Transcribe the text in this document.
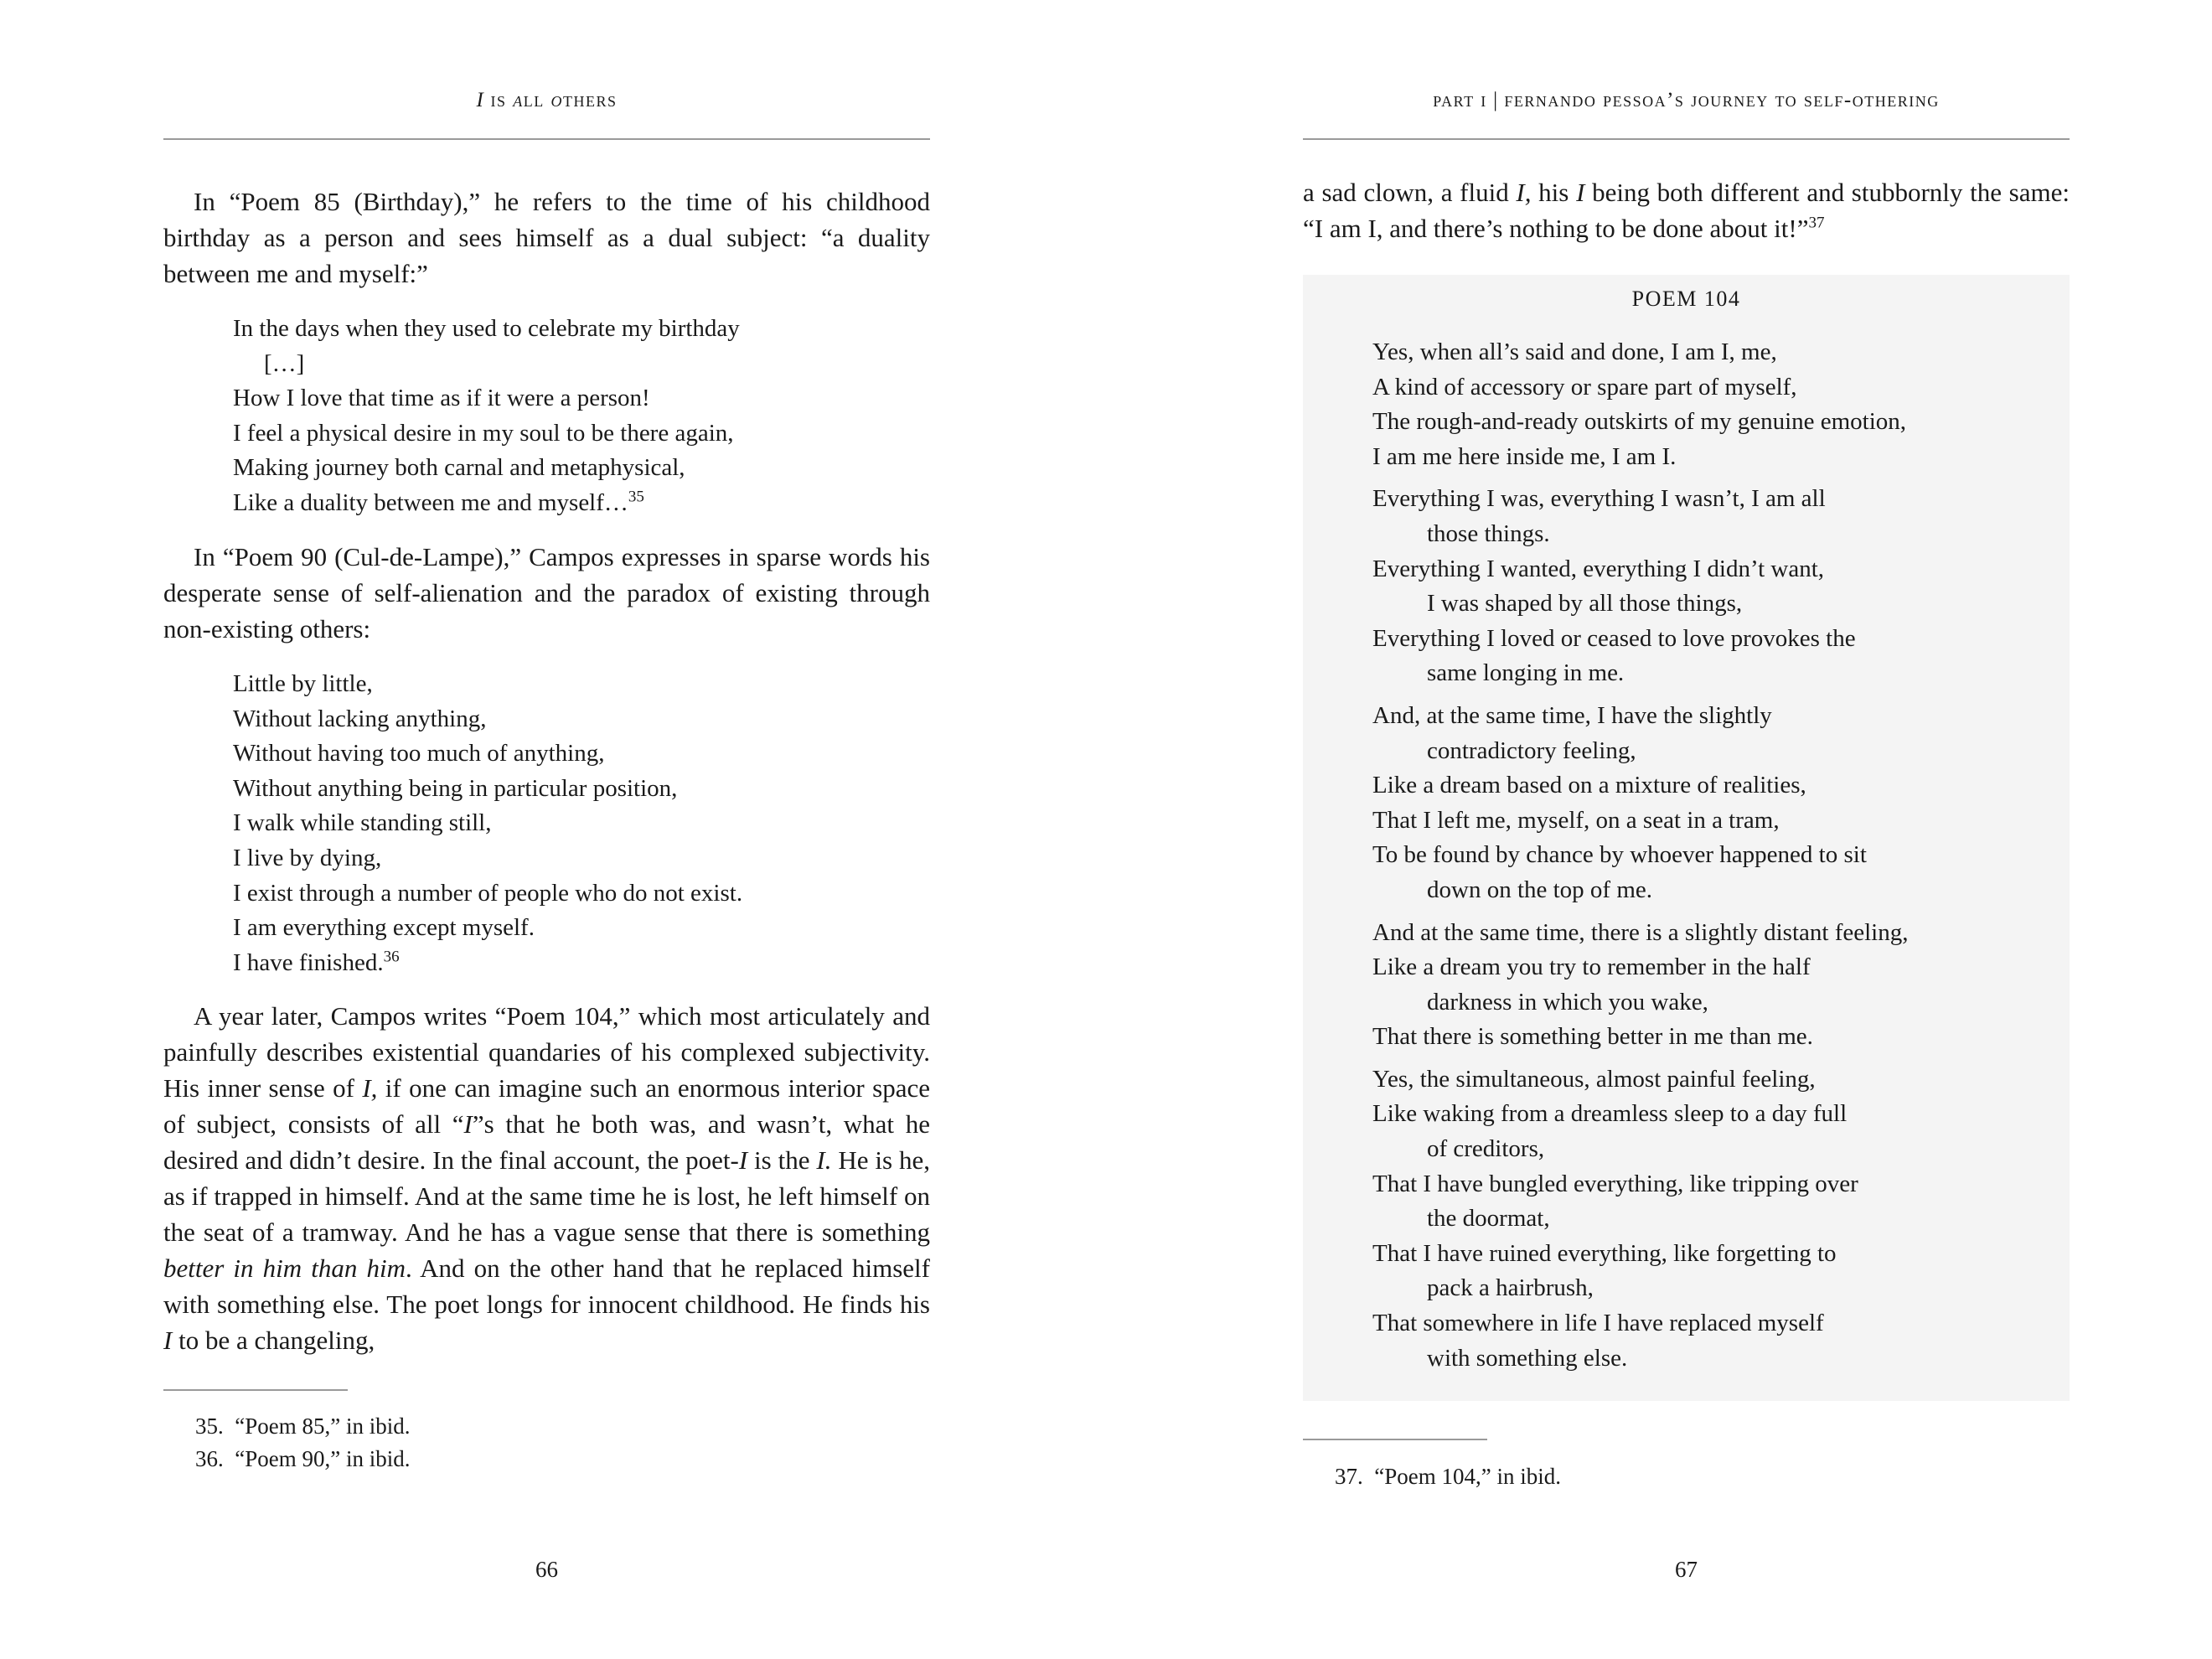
I is all others

In “Poem 85 (Birthday),” he refers to the time of his childhood birthday as a person and sees himself as a dual subject: “a duality between me and myself:”

In the days when they used to celebrate my birthday
[…]
How I love that time as if it were a person!
I feel a physical desire in my soul to be there again,
Making journey both carnal and metaphysical,
Like a duality between me and myself…$^{35}$

In “Poem 90 (Cul-de-Lampe),” Campos expresses in sparse words his desperate sense of self-alienation and the paradox of existing through non-existing others:

Little by little,
Without lacking anything,
Without having too much of anything,
Without anything being in particular position,
I walk while standing still,
I live by dying,
I exist through a number of people who do not exist.
I am everything except myself.
I have finished.$^{36}$

A year later, Campos writes “Poem 104,” which most articulately and painfully describes existential quandaries of his complexed subjectivity. His inner sense of I, if one can imagine such an enormous interior space of subject, consists of all “I”s that he both was, and wasn’t, what he desired and didn’t desire. In the final account, the poet-I is the I. He is he, as if trapped in himself. And at the same time he is lost, he left himself on the seat of a tramway. And he has a vague sense that there is something better in him than him. And on the other hand that he replaced himself with something else. The poet longs for innocent childhood. He finds his I to be a changeling,

35. “Poem 85,” in ibid.
36. “Poem 90,” in ibid.
66
part i | fernando pessoa’s journey to self-othering

a sad clown, a fluid I, his I being both different and stubbornly the same: “I am I, and there’s nothing to be done about it!”$^{37}$

POEM 104
Yes, when all’s said and done, I am I, me,
A kind of accessory or spare part of myself,
The rough-and-ready outskirts of my genuine emotion,
I am me here inside me, I am I.
Everything I was, everything I wasn’t, I am all
those things.
Everything I wanted, everything I didn’t want,
I was shaped by all those things,
Everything I loved or ceased to love provokes the
same longing in me.
And, at the same time, I have the slightly
contradictory feeling,
Like a dream based on a mixture of realities,
That I left me, myself, on a seat in a tram,
To be found by chance by whoever happened to sit
down on the top of me.
And at the same time, there is a slightly distant feeling,
Like a dream you try to remember in the half
darkness in which you wake,
That there is something better in me than me.
Yes, the simultaneous, almost painful feeling,
Like waking from a dreamless sleep to a day full
of creditors,
That I have bungled everything, like tripping over
the doormat,
That I have ruined everything, like forgetting to
pack a hairbrush,
That somewhere in life I have replaced myself
with something else.
37. “Poem 104,” in ibid.
67
